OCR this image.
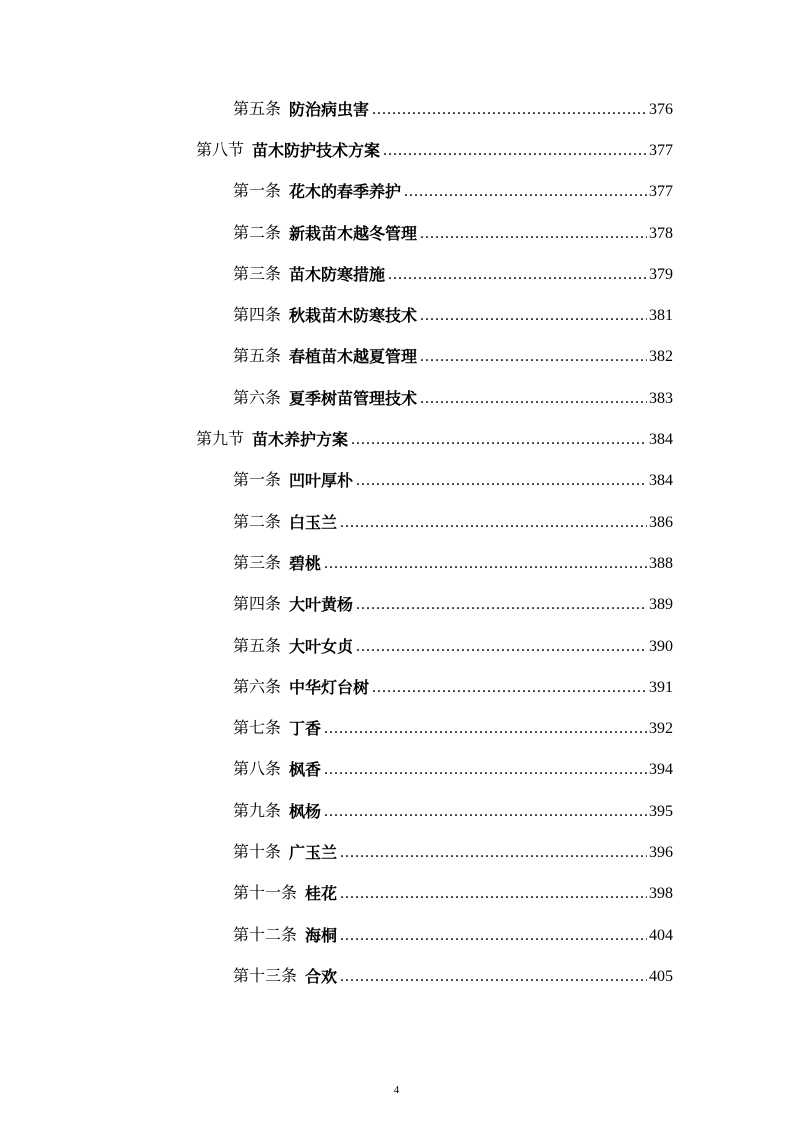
第五条 防治病虫害 .....	376
第八节 苗木防护技术方案 .....	377
第一条 花木的春季养护 .....	377
第二条 新栽苗木越冬管理 .....	378
第三条 苗木防寒措施 .....	379
第四条 秋栽苗木防寒技术 .....	381
第五条 春植苗木越夏管理 .....	382
第六条 夏季树苗管理技术 .....	383
第九节 苗木养护方案 .....	384
第一条 凹叶厚朴 .....	384
第二条 白玉兰 .....	386
第三条 碧桃 .....	388
第四条 大叶黄杨 .....	389
第五条 大叶女贞 .....	390
第六条 中华灯台树 .....	391
第七条 丁香 .....	392
第八条 枫香 .....	394
第九条 枫杨 .....	395
第十条 广玉兰 .....	396
第十一条 桂花 .....	398
第十二条 海桐 .....	404
第十三条 合欢 .....	405
4
